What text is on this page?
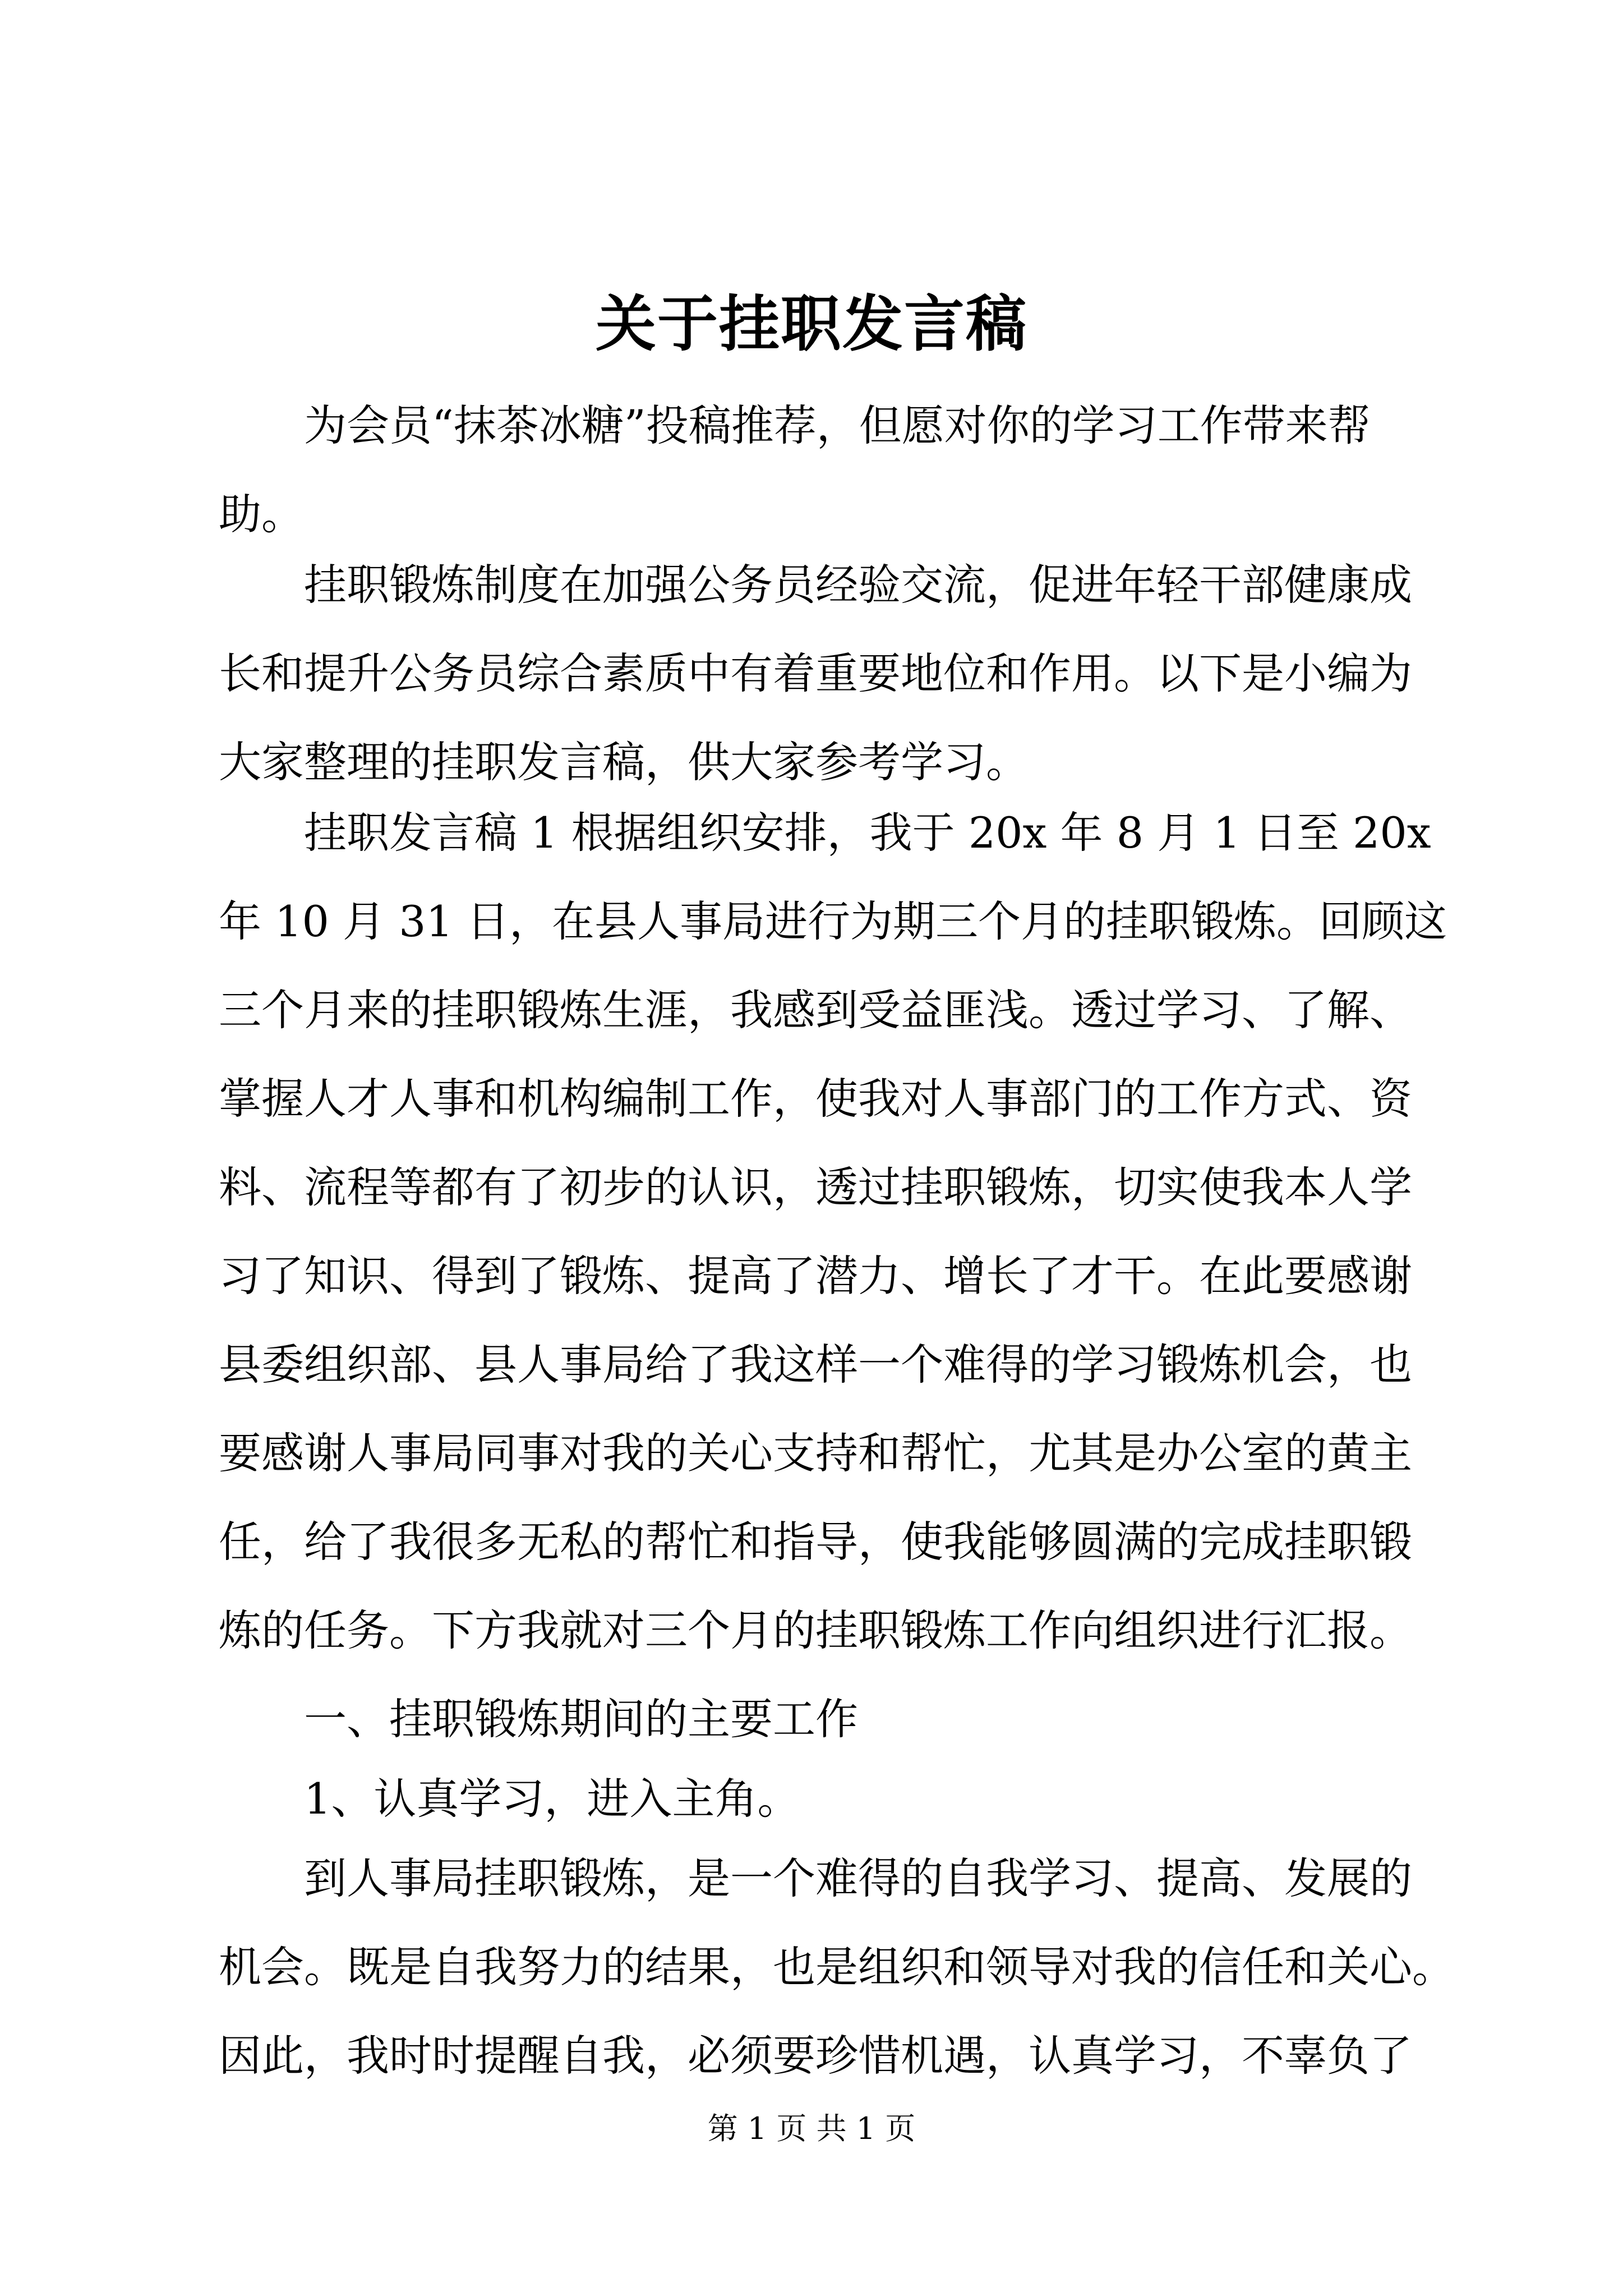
关于挂职发言稿
　　为会员“抹茶冰糖”投稿推荐，但愿对你的学习工作带来帮
助。
　　挂职锻炼制度在加强公务员经验交流，促进年轻干部健康成
长和提升公务员综合素质中有着重要地位和作用。以下是小编为
大家整理的挂职发言稿，供大家参考学习。
　　挂职发言稿 1 根据组织安排，我于 20x 年 8 月 1 日至 20x
年 10 月 31 日，在县人事局进行为期三个月的挂职锻炼。回顾这
三个月来的挂职锻炼生涯，我感到受益匪浅。透过学习、了解、
掌握人才人事和机构编制工作，使我对人事部门的工作方式、资
料、流程等都有了初步的认识，透过挂职锻炼，切实使我本人学
习了知识、得到了锻炼、提高了潜力、增长了才干。在此要感谢
县委组织部、县人事局给了我这样一个难得的学习锻炼机会，也
要感谢人事局同事对我的关心支持和帮忙，尤其是办公室的黄主
任，给了我很多无私的帮忙和指导，使我能够圆满的完成挂职锻
炼的任务。下方我就对三个月的挂职锻炼工作向组织进行汇报。
　　一、挂职锻炼期间的主要工作
　　1、认真学习，进入主角。
　　到人事局挂职锻炼，是一个难得的自我学习、提高、发展的
机会。既是自我努力的结果，也是组织和领导对我的信任和关心。
因此，我时时提醒自我，必须要珍惜机遇，认真学习，不辜负了
第 1 页 共 1 页
